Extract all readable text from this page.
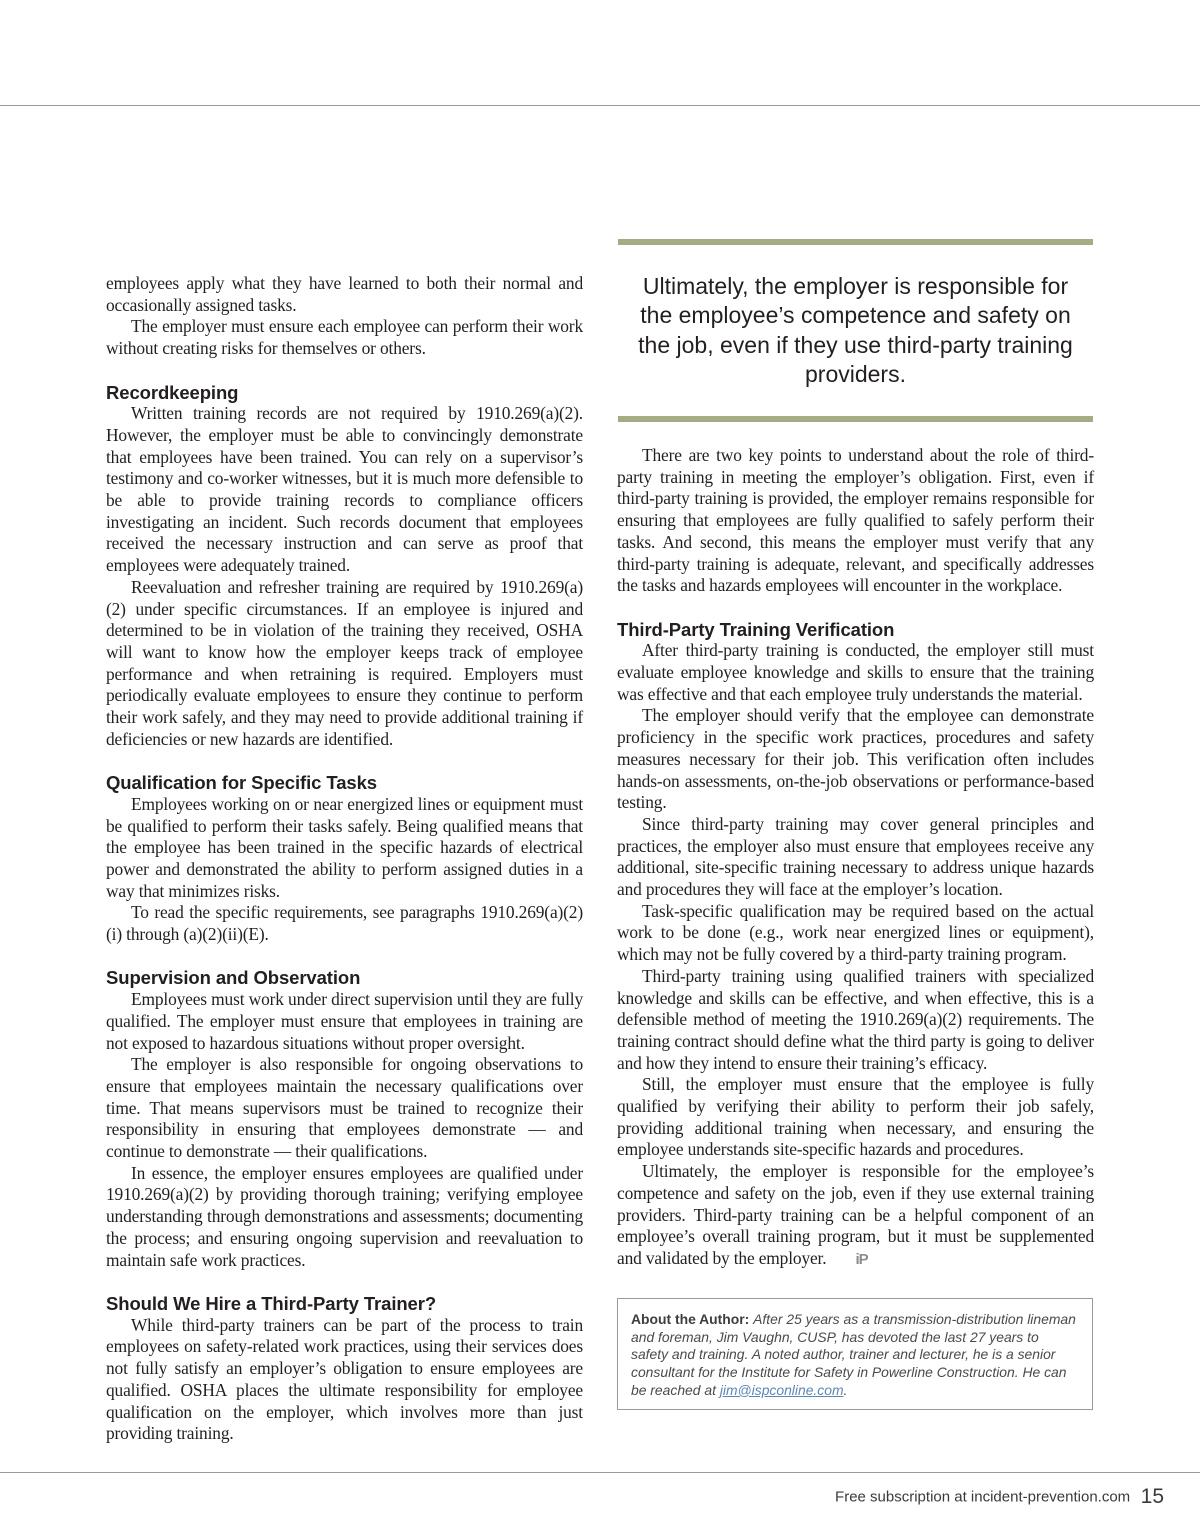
employees apply what they have learned to both their normal and occasionally assigned tasks.

The employer must ensure each employee can perform their work without creating risks for themselves or others.

Recordkeeping

Written training records are not required by 1910.269(a)(2). However, the employer must be able to convincingly demonstrate that employees have been trained. You can rely on a supervisor’s testimony and co-worker witnesses, but it is much more defensible to be able to provide training records to compliance officers investigating an incident. Such records document that employees received the necessary instruction and can serve as proof that employees were adequately trained.

Reevaluation and refresher training are required by 1910.269(a)(2) under specific circumstances. If an employee is injured and determined to be in violation of the training they received, OSHA will want to know how the employer keeps track of employee performance and when retraining is required. Employers must periodically evaluate employees to ensure they continue to perform their work safely, and they may need to provide additional training if deficiencies or new hazards are identified.

Qualification for Specific Tasks

Employees working on or near energized lines or equipment must be qualified to perform their tasks safely. Being qualified means that the employee has been trained in the specific hazards of electrical power and demonstrated the ability to perform assigned duties in a way that minimizes risks.

To read the specific requirements, see paragraphs 1910.269(a)(2)(i) through (a)(2)(ii)(E).

Supervision and Observation

Employees must work under direct supervision until they are fully qualified. The employer must ensure that employees in training are not exposed to hazardous situations without proper oversight.

The employer is also responsible for ongoing observations to ensure that employees maintain the necessary qualifications over time. That means supervisors must be trained to recognize their responsibility in ensuring that employees demonstrate — and continue to demonstrate — their qualifications.

In essence, the employer ensures employees are qualified under 1910.269(a)(2) by providing thorough training; verifying employee understanding through demonstrations and assessments; documenting the process; and ensuring ongoing supervision and reevaluation to maintain safe work practices.

Should We Hire a Third-Party Trainer?

While third-party trainers can be part of the process to train employees on safety-related work practices, using their services does not fully satisfy an employer’s obligation to ensure employees are qualified. OSHA places the ultimate responsibility for employee qualification on the employer, which involves more than just providing training.

Ultimately, the employer is responsible for the employee’s competence and safety on the job, even if they use third-party training providers.

There are two key points to understand about the role of third-party training in meeting the employer’s obligation. First, even if third-party training is provided, the employer remains responsible for ensuring that employees are fully qualified to safely perform their tasks. And second, this means the employer must verify that any third-party training is adequate, relevant, and specifically addresses the tasks and hazards employees will encounter in the workplace.

Third-Party Training Verification

After third-party training is conducted, the employer still must evaluate employee knowledge and skills to ensure that the training was effective and that each employee truly understands the material.

The employer should verify that the employee can demonstrate proficiency in the specific work practices, procedures and safety measures necessary for their job. This verification often includes hands-on assessments, on-the-job observations or performance-based testing.

Since third-party training may cover general principles and practices, the employer also must ensure that employees receive any additional, site-specific training necessary to address unique hazards and procedures they will face at the employer’s location.

Task-specific qualification may be required based on the actual work to be done (e.g., work near energized lines or equipment), which may not be fully covered by a third-party training program.

Third-party training using qualified trainers with specialized knowledge and skills can be effective, and when effective, this is a defensible method of meeting the 1910.269(a)(2) requirements. The training contract should define what the third party is going to deliver and how they intend to ensure their training’s efficacy.

Still, the employer must ensure that the employee is fully qualified by verifying their ability to perform their job safely, providing additional training when necessary, and ensuring the employee understands site-specific hazards and procedures.

Ultimately, the employer is responsible for the employee’s competence and safety on the job, even if they use external training providers. Third-party training can be a helpful component of an employee’s overall training program, but it must be supplemented and validated by the employer. iP

About the Author: After 25 years as a transmission-distribution lineman and foreman, Jim Vaughn, CUSP, has devoted the last 27 years to safety and training. A noted author, trainer and lecturer, he is a senior consultant for the Institute for Safety in Powerline Construction. He can be reached at jim@ispconline.com.
Free subscription at incident-prevention.com 15
